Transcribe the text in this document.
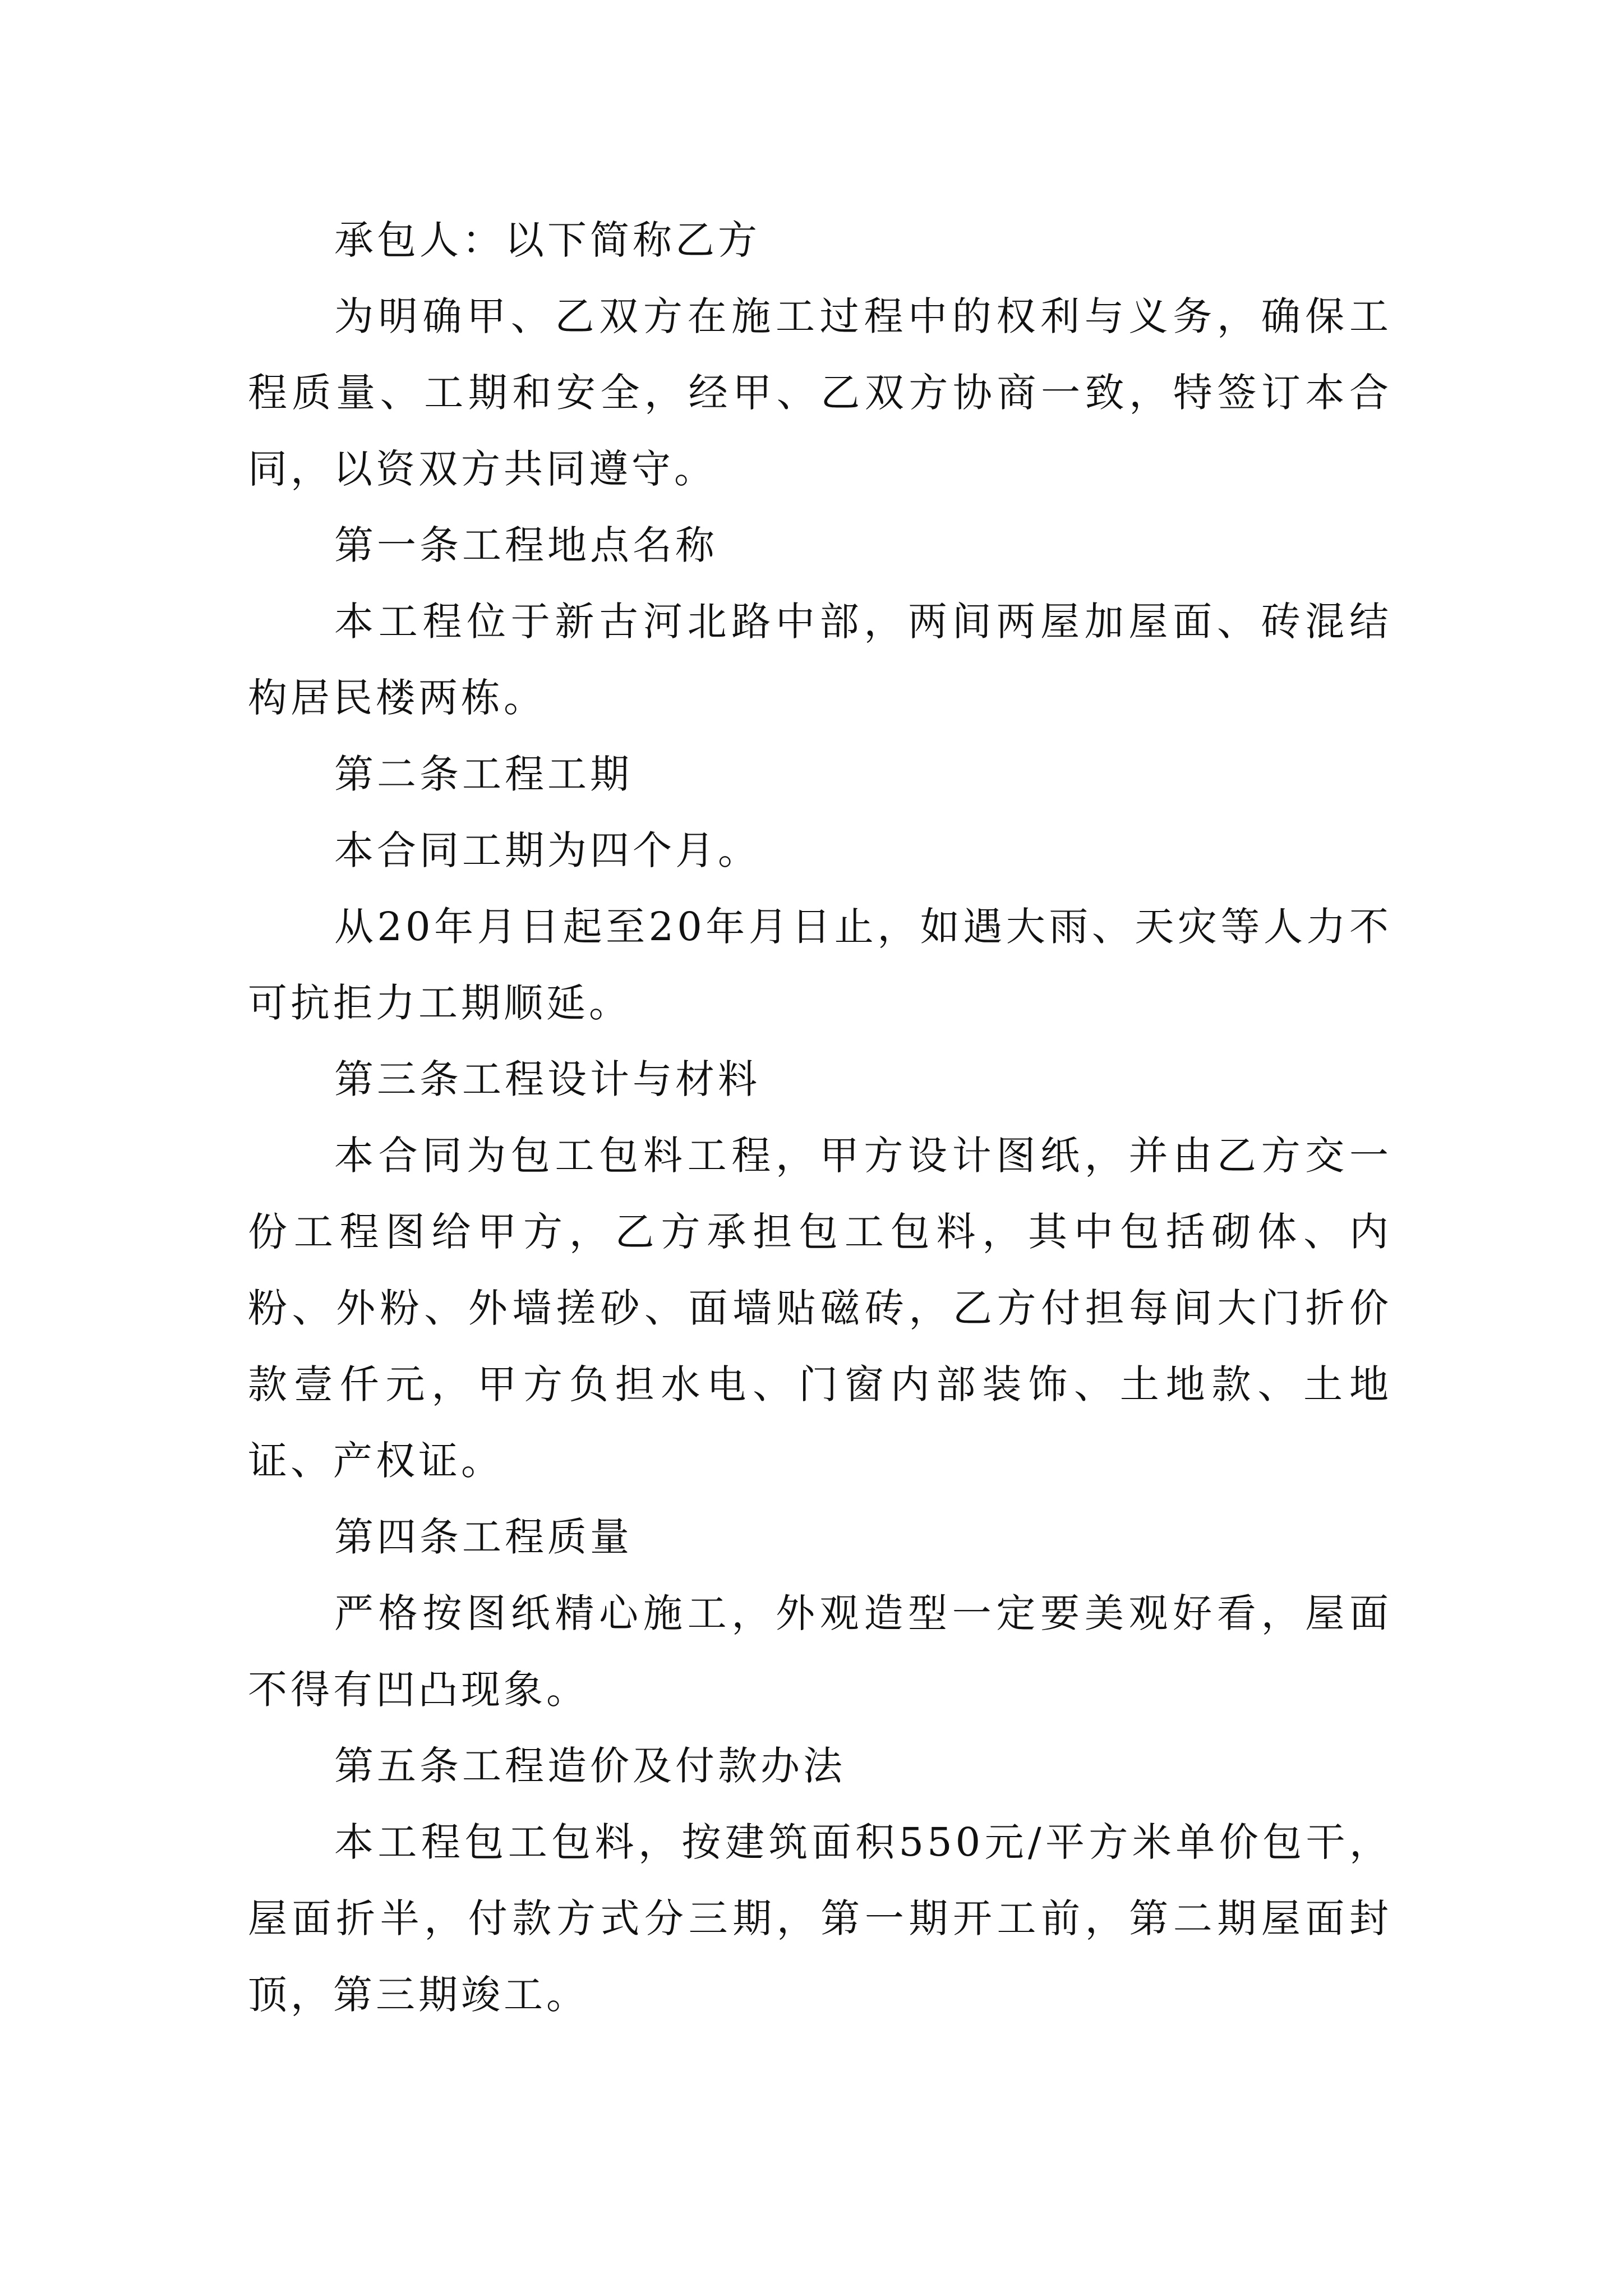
承包人：以下简称乙方

为明确甲、乙双方在施工过程中的权利与义务，确保工程质量、工期和安全，经甲、乙双方协商一致，特签订本合同，以资双方共同遵守。

第一条工程地点名称

本工程位于新古河北路中部，两间两屋加屋面、砖混结构居民楼两栋。

第二条工程工期

本合同工期为四个月。

从20年月日起至20年月日止，如遇大雨、天灾等人力不可抗拒力工期顺延。

第三条工程设计与材料

本合同为包工包料工程，甲方设计图纸，并由乙方交一份工程图给甲方，乙方承担包工包料，其中包括砌体、内粉、外粉、外墙搓砂、面墙贴磁砖，乙方付担每间大门折价款壹仟元，甲方负担水电、门窗内部装饰、土地款、土地证、产权证。

第四条工程质量

严格按图纸精心施工，外观造型一定要美观好看，屋面不得有凹凸现象。

第五条工程造价及付款办法

本工程包工包料，按建筑面积550元/平方米单价包干，屋面折半，付款方式分三期，第一期开工前，第二期屋面封顶，第三期竣工。
